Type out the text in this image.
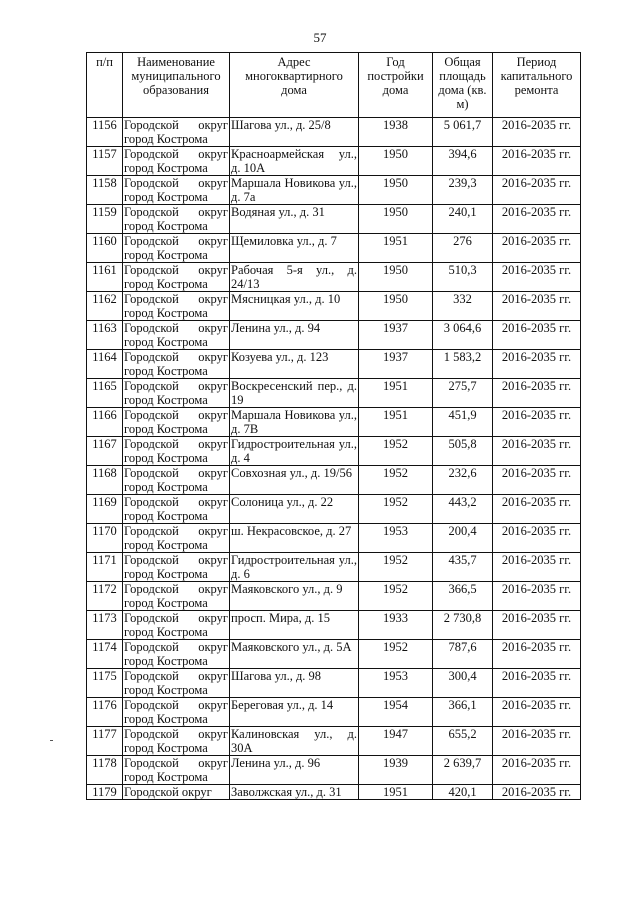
57
п/п	Наименование муниципального образования	Адрес многоквартирного дома	Год постройки дома	Общая площадь дома (кв. м)	Период капитального ремонта
1156	Городской округ город Кострома	Шагова ул., д. 25/8	1938	5 061,7	2016-2035 гг.
1157	Городской округ город Кострома	Красноармейская ул., д. 10А	1950	394,6	2016-2035 гг.
1158	Городской округ город Кострома	Маршала Новикова ул., д. 7а	1950	239,3	2016-2035 гг.
1159	Городской округ город Кострома	Водяная ул., д. 31	1950	240,1	2016-2035 гг.
1160	Городской округ город Кострома	Щемиловка ул., д. 7	1951	276	2016-2035 гг.
1161	Городской округ город Кострома	Рабочая 5-я ул., д. 24/13	1950	510,3	2016-2035 гг.
1162	Городской округ город Кострома	Мясницкая ул., д. 10	1950	332	2016-2035 гг.
1163	Городской округ город Кострома	Ленина ул., д. 94	1937	3 064,6	2016-2035 гг.
1164	Городской округ город Кострома	Козуева ул., д. 123	1937	1 583,2	2016-2035 гг.
1165	Городской округ город Кострома	Воскресенский пер., д. 19	1951	275,7	2016-2035 гг.
1166	Городской округ город Кострома	Маршала Новикова ул., д. 7В	1951	451,9	2016-2035 гг.
1167	Городской округ город Кострома	Гидростроительная ул., д. 4	1952	505,8	2016-2035 гг.
1168	Городской округ город Кострома	Совхозная ул., д. 19/56	1952	232,6	2016-2035 гг.
1169	Городской округ город Кострома	Солоница ул., д. 22	1952	443,2	2016-2035 гг.
1170	Городской округ город Кострома	ш. Некрасовское, д. 27	1953	200,4	2016-2035 гг.
1171	Городской округ город Кострома	Гидростроительная ул., д. 6	1952	435,7	2016-2035 гг.
1172	Городской округ город Кострома	Маяковского ул., д. 9	1952	366,5	2016-2035 гг.
1173	Городской округ город Кострома	просп. Мира, д. 15	1933	2 730,8	2016-2035 гг.
1174	Городской округ город Кострома	Маяковского ул., д. 5А	1952	787,6	2016-2035 гг.
1175	Городской округ город Кострома	Шагова ул., д. 98	1953	300,4	2016-2035 гг.
1176	Городской округ город Кострома	Береговая ул., д. 14	1954	366,1	2016-2035 гг.
1177	Городской округ город Кострома	Калиновская ул., д. 30А	1947	655,2	2016-2035 гг.
1178	Городской округ город Кострома	Ленина ул., д. 96	1939	2 639,7	2016-2035 гг.
1179	Городской округ	Заволжская ул., д. 31	1951	420,1	2016-2035 гг.
